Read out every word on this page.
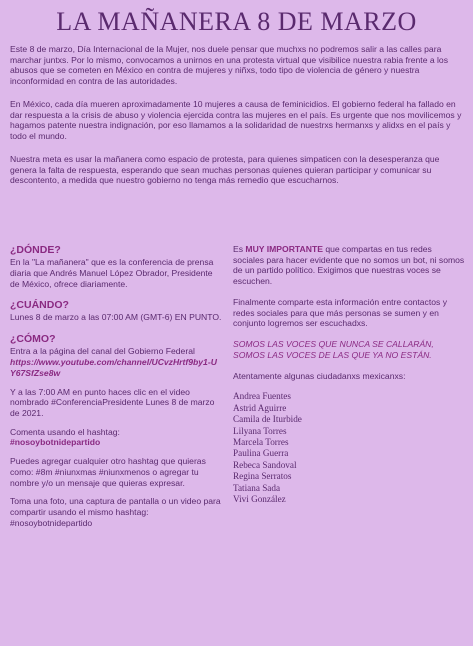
LA MAÑANERA 8 DE MARZO

Este 8 de marzo, Día Internacional de la Mujer, nos duele pensar que muchxs no podremos salir a las calles para marchar juntxs. Por lo mismo, convocamos a unirnos en una protesta virtual que visibilice nuestra rabia frente a los abusos que se cometen en México en contra de mujeres y niñxs, todo tipo de violencia de género y nuestra inconformidad en contra de las autoridades.

En México, cada día mueren aproximadamente 10 mujeres a causa de feminicidios. El gobierno federal ha fallado en dar respuesta a la crisis de abuso y violencia ejercida contra las mujeres en el país. Es urgente que nos movilicemos y hagamos patente nuestra indignación, por eso llamamos a la solidaridad de nuestrxs hermanxs y alidxs en el país y todo el mundo.

Nuestra meta es usar la mañanera como espacio de protesta, para quienes simpaticen con la desesperanza que genera la falta de respuesta, esperando que sean muchas personas quienes quieran participar y comunicar su descontento, a medida que nuestro gobierno no tenga más remedio que escucharnos.

¿DÓNDE?
En la "La mañanera" que es la conferencia de prensa diaria que Andrés Manuel López Obrador, Presidente de México, ofrece diariamente.
¿CUÁNDO?
Lunes 8 de marzo a las 07:00 AM (GMT-6) EN PUNTO.
¿CÓMO?

Entra a la página del canal del Gobierno Federal
https://www.youtube.com/channel/UCvzHrtf9by1-UY67SfZse8w

Y a las 7:00 AM en punto haces clic en el video nombrado #ConferenciaPresidente Lunes 8 de marzo de 2021.

Comenta usando el hashtag:
#nosoybotnidepartido

Puedes agregar cualquier otro hashtag que quieras como: #8m #niunxmas #niunxmenos o agregar tu nombre y/o un mensaje que quieras expresar.

Toma una foto, una captura de pantalla o un video para compartir usando el mismo hashtag: #nosoybotnidepartido

Es MUY IMPORTANTE que compartas en tus redes sociales para hacer evidente que no somos un bot, ni somos de un partido político. Exigimos que nuestras voces se escuchen.
Finalmente comparte esta información entre contactos y redes sociales para que más personas se sumen y en conjunto logremos ser escuchadxs.
SOMOS LAS VOCES QUE NUNCA SE CALLARÁN, SOMOS LAS VOCES DE LAS QUE YA NO ESTÁN.
Atentamente algunas ciudadanxs mexicanxs:
Andrea Fuentes
Astrid Aguirre
Camila de Iturbide
Lilyana Torres
Marcela Torres
Paulina Guerra
Rebeca Sandoval
Regina Serratos
Tatiana Sada
Vivi González
